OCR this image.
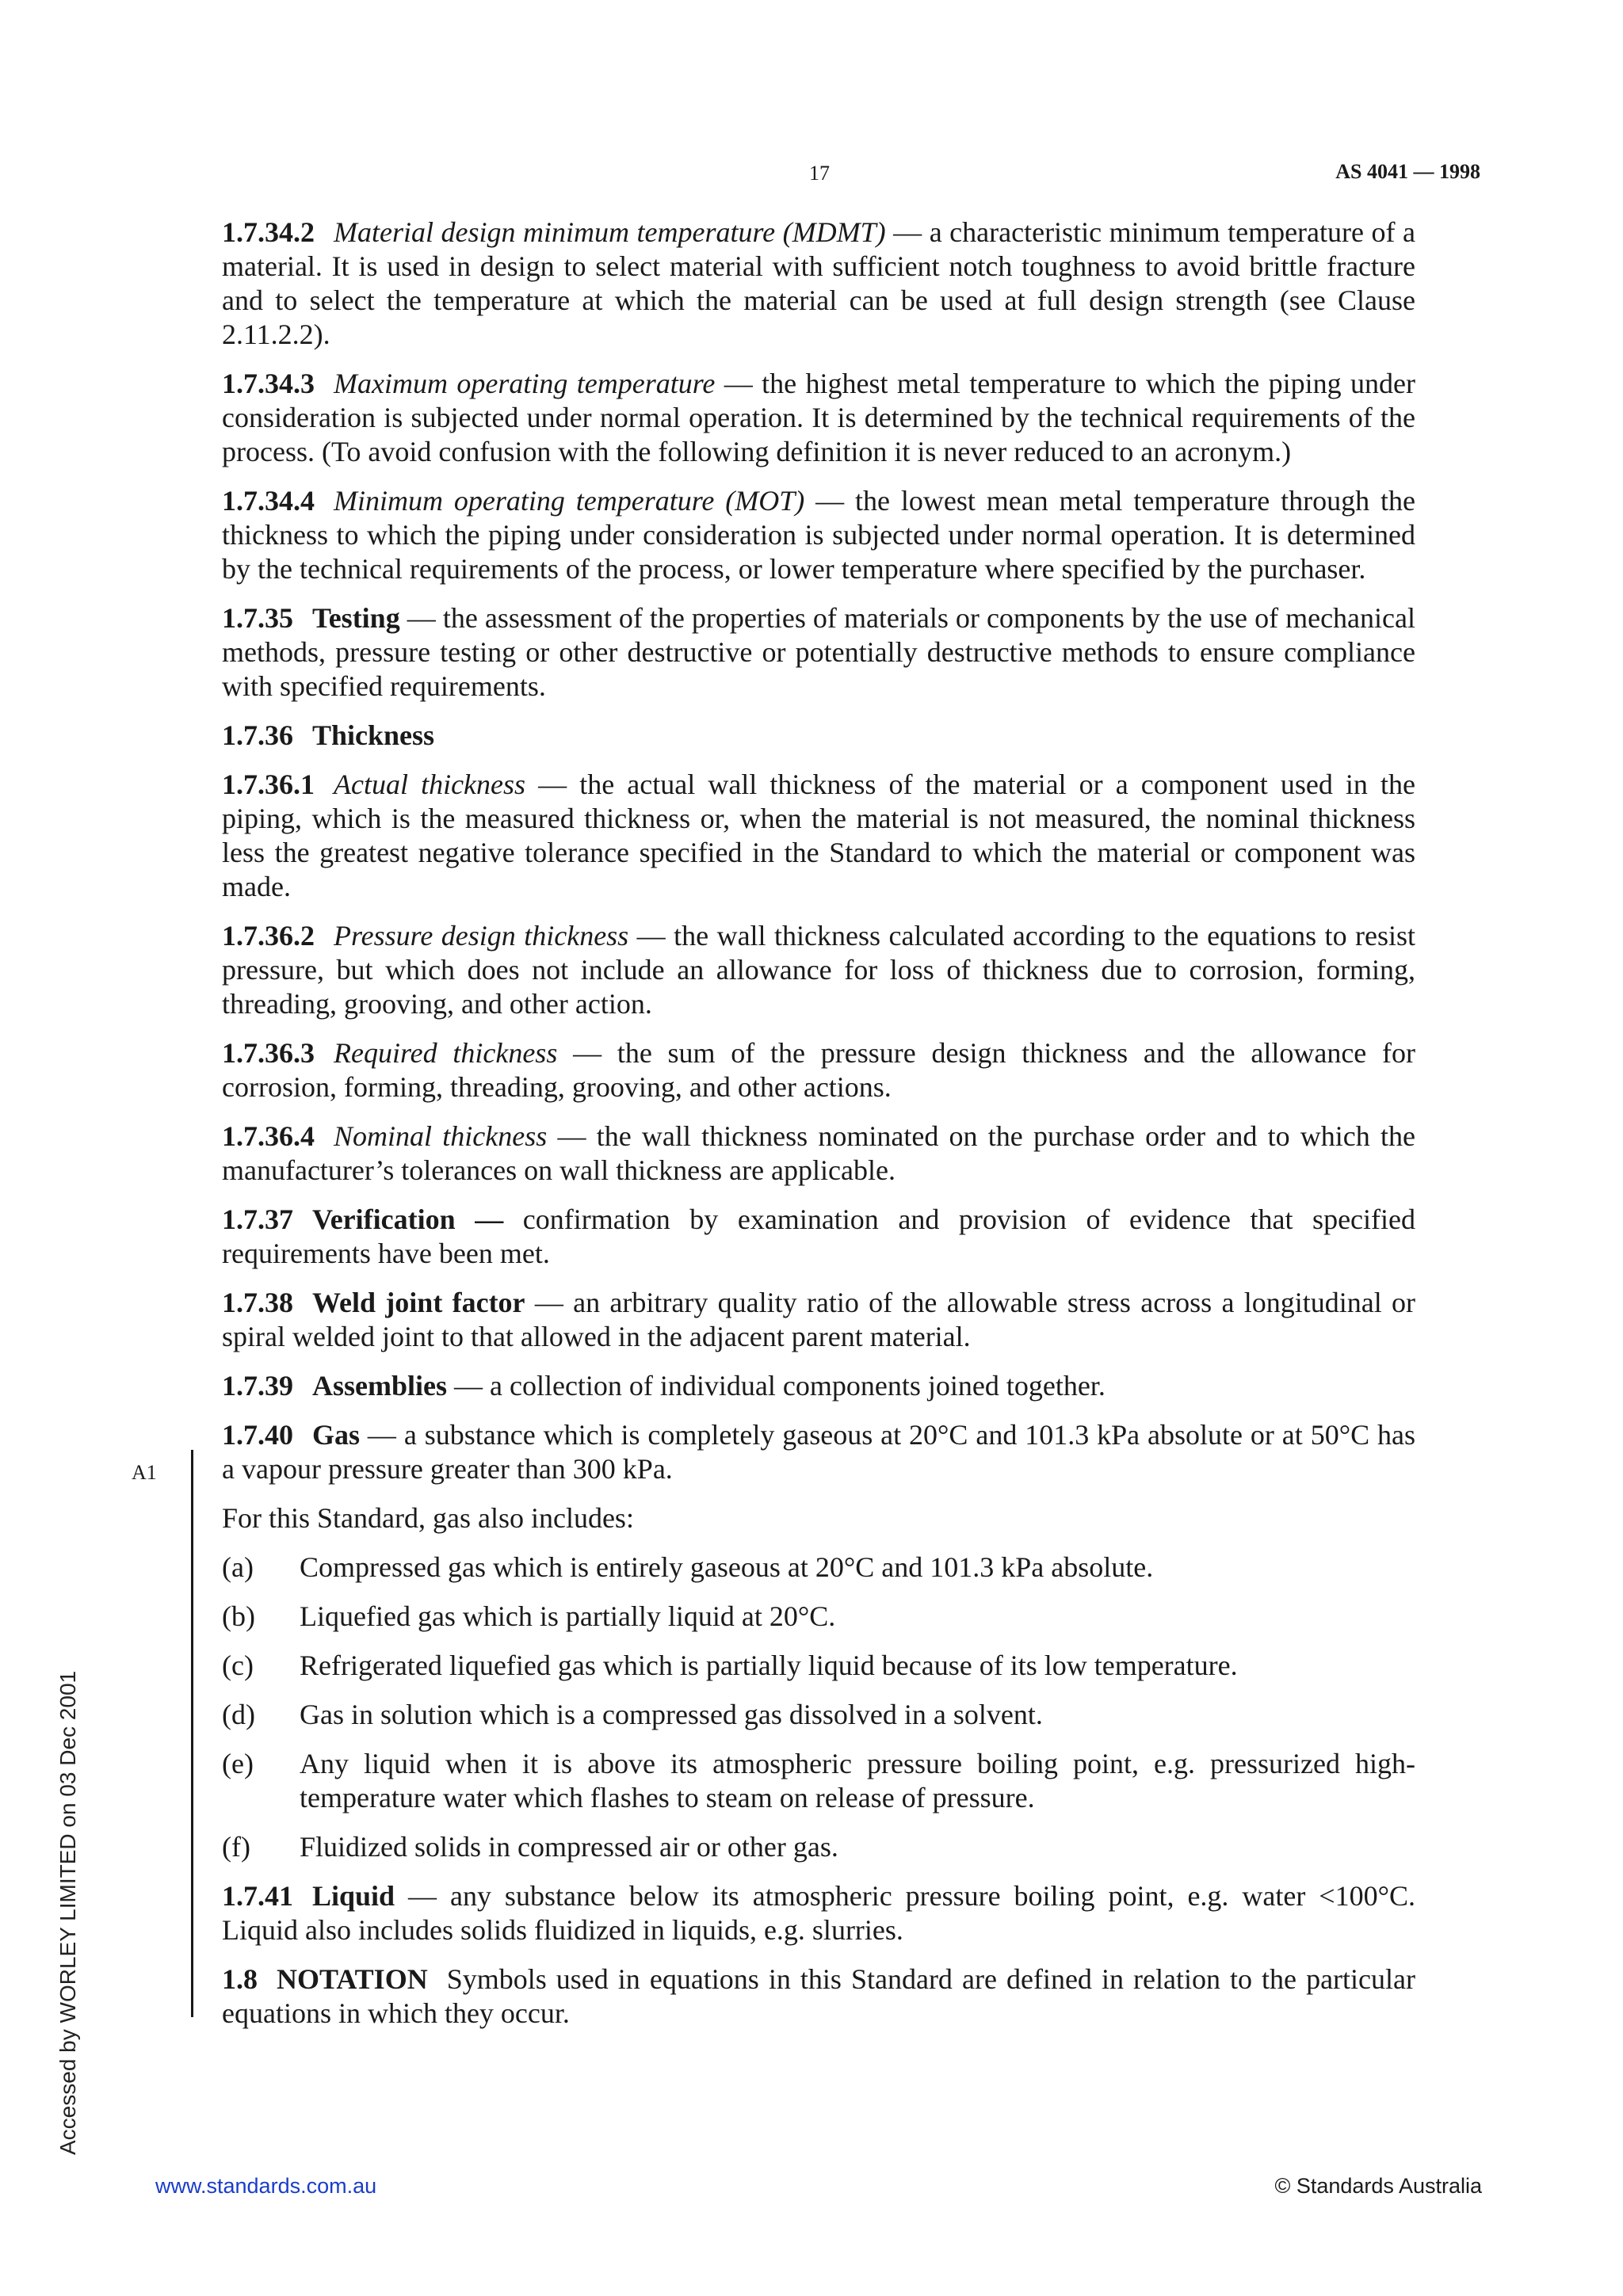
17	AS 4041 — 1998
A1
Accessed by WORLEY LIMITED on 03 Dec 2001

1.7.34.2 Material design minimum temperature (MDMT) — a characteristic minimum temperature of a material. It is used in design to select material with sufficient notch toughness to avoid brittle fracture and to select the temperature at which the material can be used at full design strength (see Clause 2.11.2.2).

1.7.34.3 Maximum operating temperature — the highest metal temperature to which the piping under consideration is subjected under normal operation. It is determined by the technical requirements of the process. (To avoid confusion with the following definition it is never reduced to an acronym.)

1.7.34.4 Minimum operating temperature (MOT) — the lowest mean metal temperature through the thickness to which the piping under consideration is subjected under normal operation. It is determined by the technical requirements of the process, or lower temperature where specified by the purchaser.

1.7.35 Testing — the assessment of the properties of materials or components by the use of mechanical methods, pressure testing or other destructive or potentially destructive methods to ensure compliance with specified requirements.

1.7.36 Thickness

1.7.36.1 Actual thickness — the actual wall thickness of the material or a component used in the piping, which is the measured thickness or, when the material is not measured, the nominal thickness less the greatest negative tolerance specified in the Standard to which the material or component was made.

1.7.36.2 Pressure design thickness — the wall thickness calculated according to the equations to resist pressure, but which does not include an allowance for loss of thickness due to corrosion, forming, threading, grooving, and other action.

1.7.36.3 Required thickness — the sum of the pressure design thickness and the allowance for corrosion, forming, threading, grooving, and other actions.

1.7.36.4 Nominal thickness — the wall thickness nominated on the purchase order and to which the manufacturer’s tolerances on wall thickness are applicable.

1.7.37 Verification — confirmation by examination and provision of evidence that specified requirements have been met.

1.7.38 Weld joint factor — an arbitrary quality ratio of the allowable stress across a longitudinal or spiral welded joint to that allowed in the adjacent parent material.

1.7.39 Assemblies — a collection of individual components joined together.

1.7.40 Gas — a substance which is completely gaseous at 20°C and 101.3 kPa absolute or at 50°C has a vapour pressure greater than 300 kPa.

For this Standard, gas also includes:

(a)	Compressed gas which is entirely gaseous at 20°C and 101.3 kPa absolute.
(b)	Liquefied gas which is partially liquid at 20°C.
(c)	Refrigerated liquefied gas which is partially liquid because of its low temperature.
(d)	Gas in solution which is a compressed gas dissolved in a solvent.
(e)	Any liquid when it is above its atmospheric pressure boiling point, e.g. pressurized high-temperature water which flashes to steam on release of pressure.
(f)	Fluidized solids in compressed air or other gas.

1.7.41 Liquid — any substance below its atmospheric pressure boiling point, e.g. water <100°C. Liquid also includes solids fluidized in liquids, e.g. slurries.

1.8 NOTATION Symbols used in equations in this Standard are defined in relation to the particular equations in which they occur.

www.standards.com.au	© Standards Australia
